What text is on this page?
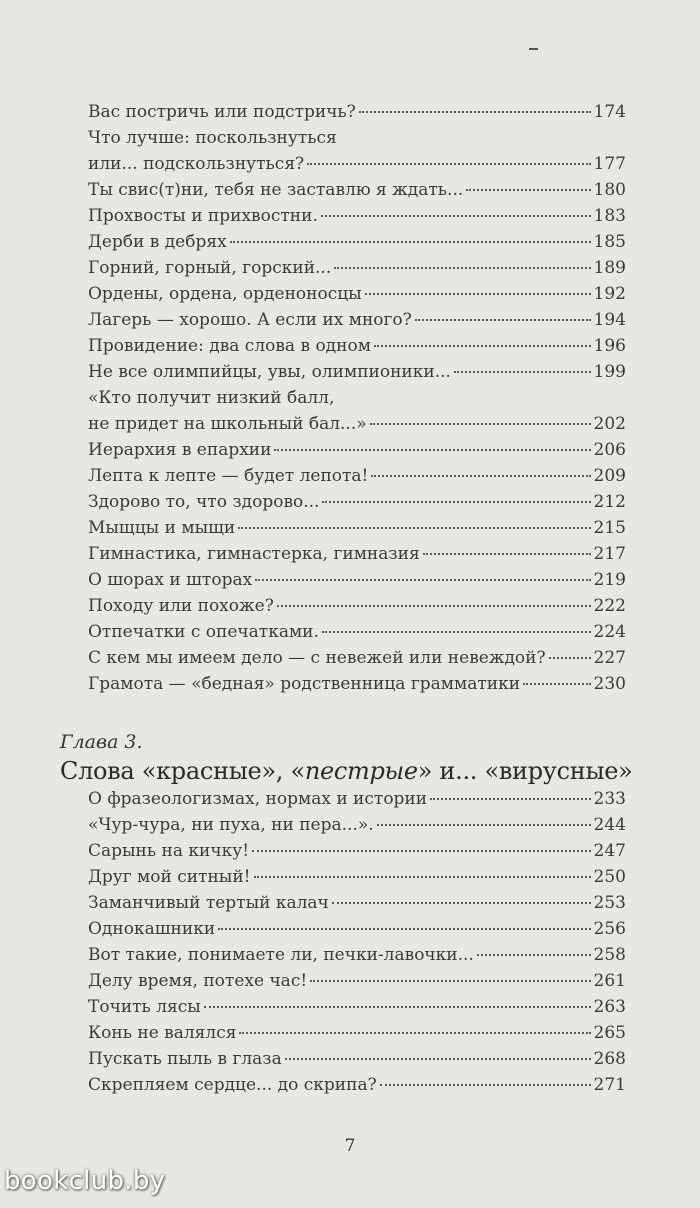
Вас постричь или подстричь?	174
Что лучше: поскользнуться
или... подскользнуться?	177
Ты свис(т)ни, тебя не заставлю я ждать...	180
Прохвосты и прихвостни.	183
Дерби в дебрях	185
Горний, горный, горский...	189
Ордены, ордена, орденоносцы	192
Лагерь — хорошо. А если их много?	194
Провидение: два слова в одном	196
Не все олимпийцы, увы, олимпионики...	199
«Кто получит низкий балл,
не придет на школьный бал...»	202
Иерархия в епархии	206
Лепта к лепте — будет лепота!	209
Здорово то, что здорово...	212
Мыщцы и мыщи	215
Гимнастика, гимнастерка, гимназия	217
О шорах и шторах	219
Походу или похоже?	222
Отпечатки с опечатками.	224
С кем мы имеем дело — с невежей или невеждой?	227
Грамота — «бедная» родственница грамматики	230
Глава 3.
Слова «красные», «пестрые» и... «вирусные»
О фразеологизмах, нормах и истории	233
«Чур-чура, ни пуха, ни пера...».	244
Сарынь на кичку!	247
Друг мой ситный!	250
Заманчивый тертый калач	253
Однокашники	256
Вот такие, понимаете ли, печки-лавочки...	258
Делу время, потехе час!	261
Точить лясы	263
Конь не валялся	265
Пускать пыль в глаза	268
Скрепляем сердце... до скрипа?	271
7
bookclub.by
